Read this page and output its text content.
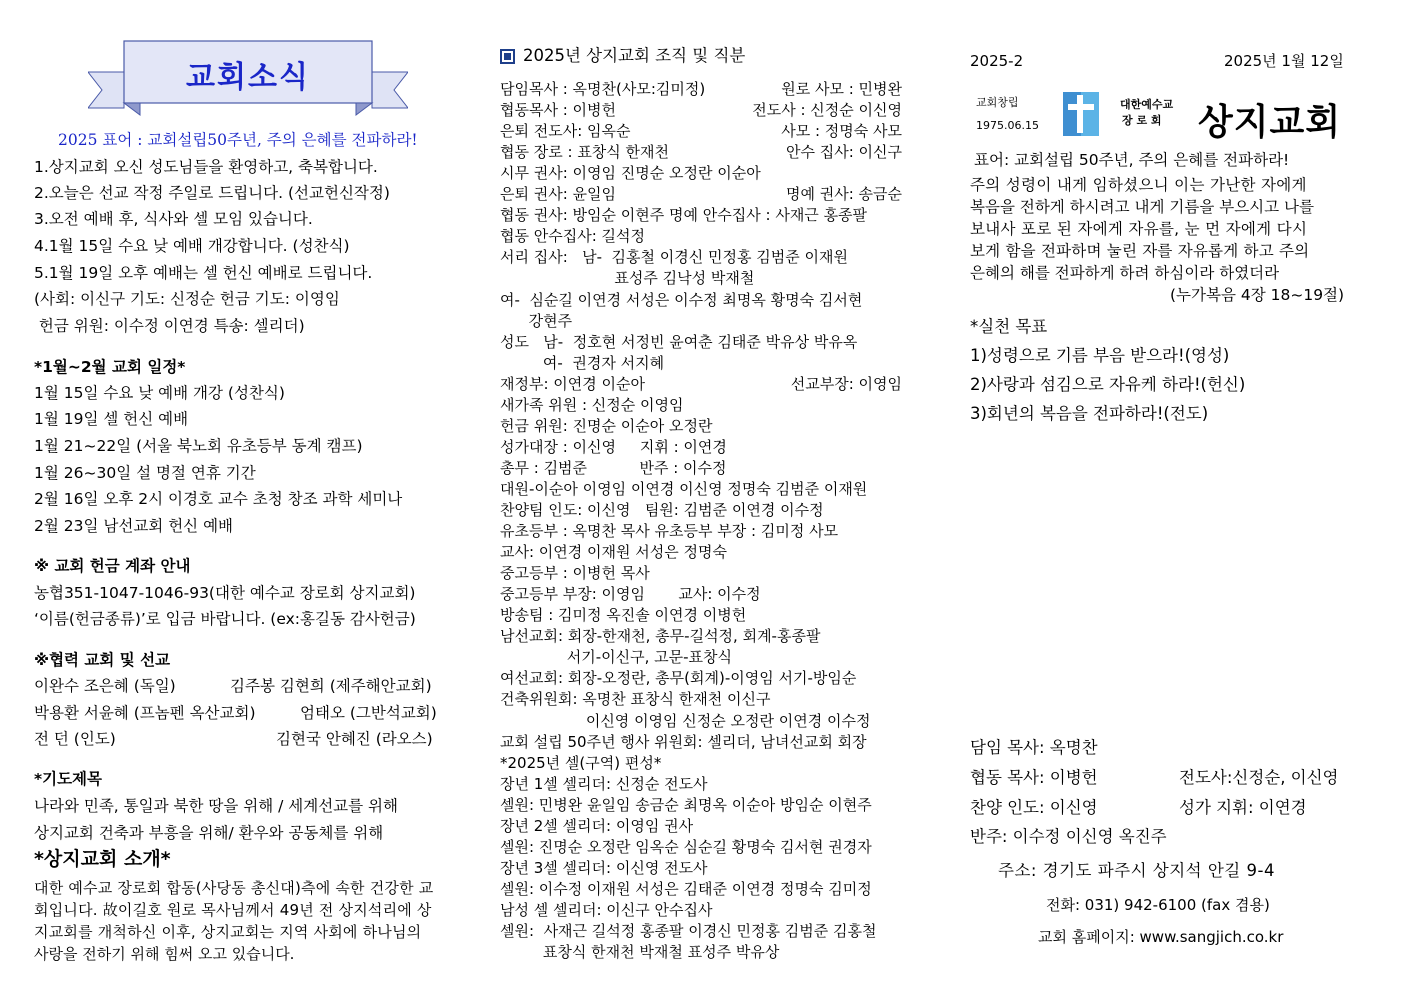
교회소식
2025 표어 : 교회설립50주년, 주의 은혜를 전파하라!
1.상지교회 오신 성도님들을 환영하고, 축복합니다.
2.오늘은 선교 작정 주일로 드립니다. (선교헌신작정)
3.오전 예배 후, 식사와 셀 모임 있습니다.
4.1월 15일 수요 낮 예배 개강합니다. (성찬식)
5.1월 19일 오후 예배는 셀 헌신 예배로 드립니다.
(사회: 이신구 기도: 신정순 헌금 기도: 이영임
헌금 위원: 이수정 이연경 특송: 셀리더)
*1월~2월 교회 일정*
1월 15일 수요 낮 예배 개강 (성찬식)
1월 19일 셀 헌신 예배
1월 21~22일 (서울 북노회 유초등부 동계 캠프)
1월 26~30일 설 명절 연휴 기간
2월 16일 오후 2시 이경호 교수 초청 창조 과학 세미나
2월 23일 남선교회 헌신 예배
※ 교회 헌금 계좌 안내
농협351-1047-1046-93(대한 예수교 장로회 상지교회)
‘이름(헌금종류)’로 입금 바랍니다. (ex:홍길동 감사헌금)
※협력 교회 및 선교
이완수 조은혜 (독일)	김주봉 김현희 (제주해안교회)
박용환 서윤혜 (프놈펜 옥산교회)	엄태오 (그반석교회)
전 던 (인도)	김현국 안혜진 (라오스)
*기도제목
나라와 민족, 통일과 북한 땅을 위해 / 세계선교를 위해
상지교회 건축과 부흥을 위해/ 환우와 공동체를 위해
*상지교회 소개*
대한 예수교 장로회 합동(사당동 총신대)측에 속한 건강한 교
회입니다. 故이길호 원로 목사님께서 49년 전 상지석리에 상
지교회를 개척하신 이후, 상지교회는 지역 사회에 하나님의
사랑을 전하기 위해 힘써 오고 있습니다.
2025년 상지교회 조직 및 직분
담임목사 : 옥명찬(사모:김미정)	원로 사모 : 민병완
협동목사 : 이병헌	전도사 : 신정순 이신영
은퇴 전도사: 임옥순	사모 : 정명숙 사모
협동 장로 : 표창식 한재천	안수 집사: 이신구
시무 권사: 이영임 진명순 오정란 이순아
은퇴 권사: 윤일임	명예 권사: 송금순
협동 권사: 방임순 이현주 명예 안수집사 : 사재근 홍종팔
협동 안수집사: 길석정
서리 집사:   남-  김홍철 이경신 민정홍 김범준 이재원
표성주 김낙성 박재철
여-  심순길 이연경 서성은 이수정 최명옥 황명숙 김서현
강현주
성도   남-  정호현 서정빈 윤여춘 김태준 박유상 박유옥
여-  권경자 서지혜
재정부: 이연경 이순아	선교부장: 이영임
새가족 위원 : 신정순 이영임
헌금 위원: 진명순 이순아 오정란
성가대장 : 이신영     지휘 : 이연경
총무 : 김범준           반주 : 이수정
대원-이순아 이영임 이연경 이신영 정명숙 김범준 이재원
찬양팀 인도: 이신영   팀원: 김범준 이연경 이수정
유초등부 : 옥명찬 목사 유초등부 부장 : 김미정 사모
교사: 이연경 이재원 서성은 정명숙
중고등부 : 이병헌 목사
중고등부 부장: 이영임       교사: 이수정
방송팀 : 김미정 옥진솔 이연경 이병헌
남선교회: 회장-한재천, 총무-길석정, 회계-홍종팔
서기-이신구, 고문-표창식
여선교회: 회장-오정란, 총무(회계)-이영임 서기-방임순
건축위원회: 옥명찬 표창식 한재천 이신구
이신영 이영임 신정순 오정란 이연경 이수정
교회 설립 50주년 행사 위원회: 셀리더, 남녀선교회 회장
*2025년 셀(구역) 편성*
장년 1셀 셀리더: 신정순 전도사
셀원: 민병완 윤일임 송금순 최명옥 이순아 방임순 이현주
장년 2셀 셀리더: 이영임 권사
셀원: 진명순 오정란 임옥순 심순길 황명숙 김서현 권경자
장년 3셀 셀리더: 이신영 전도사
셀원: 이수정 이재원 서성은 김태준 이연경 정명숙 김미정
남성 셀 셀리더: 이신구 안수집사
셀원:  사재근 길석정 홍종팔 이경신 민정홍 김범준 김홍철
표창식 한재천 박재철 표성주 박유상
2025-2	2025년 1월 12일
교회창립
1975.06.15
대한예수교
장 로 회 상지교회
표어: 교회설립 50주년, 주의 은혜를 전파하라!
주의 성령이 내게 임하셨으니 이는 가난한 자에게
복음을 전하게 하시려고 내게 기름을 부으시고 나를
보내사 포로 된 자에게 자유를, 눈 먼 자에게 다시
보게 함을 전파하며 눌린 자를 자유롭게 하고 주의
은혜의 해를 전파하게 하려 하심이라 하였더라
(누가복음 4장 18~19절)
*실천 목표
1)성령으로 기름 부음 받으라!(영성)
2)사랑과 섬김으로 자유케 하라!(헌신)
3)회년의 복음을 전파하라!(전도)
담임 목사: 옥명찬
협동 목사: 이병헌	전도사:신정순, 이신영
찬양 인도: 이신영	성가 지휘: 이연경
반주: 이수정 이신영 옥진주
주소: 경기도 파주시 상지석 안길 9-4
전화: 031) 942-6100 (fax 겸용)
교회 홈페이지: www.sangjich.co.kr
